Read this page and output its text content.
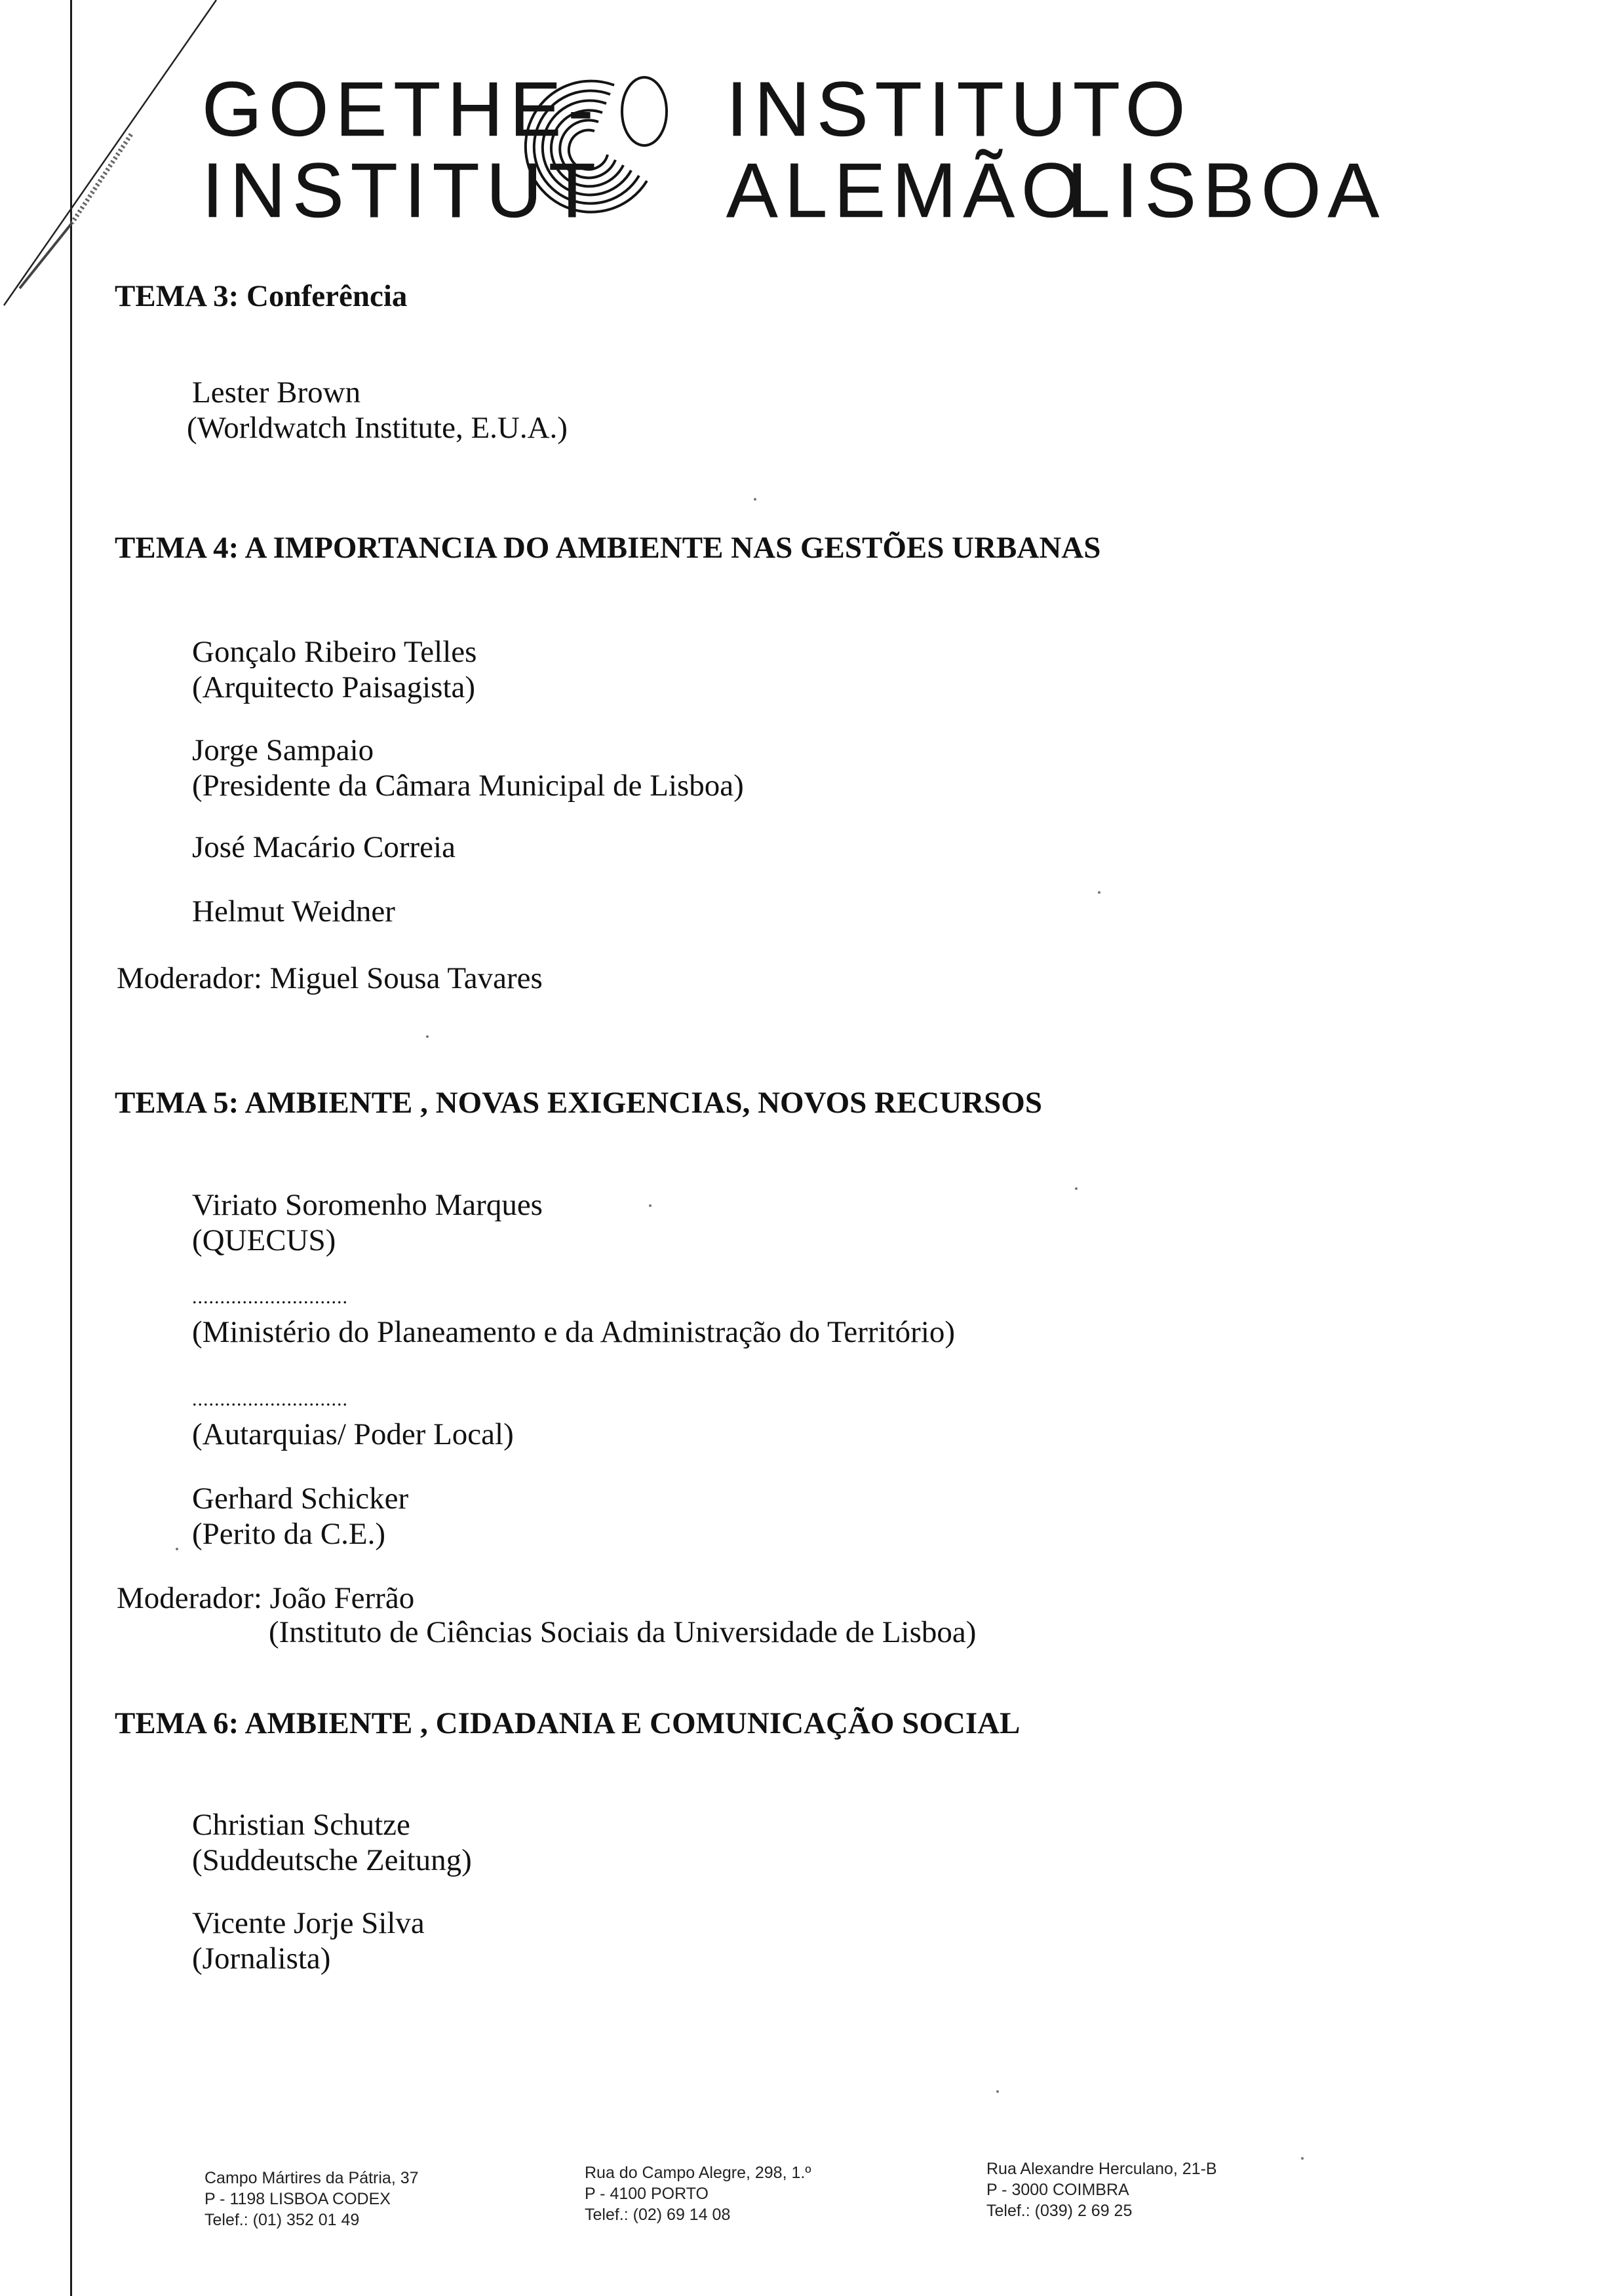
GOETHE-
INSTITUT
INSTITUTO
ALEMÃO
LISBOA
TEMA 3: Conferência
Lester Brown
(Worldwatch Institute, E.U.A.)
TEMA 4: A IMPORTANCIA DO AMBIENTE NAS GESTÕES URBANAS
Gonçalo Ribeiro Telles
(Arquitecto Paisagista)
Jorge Sampaio
(Presidente da Câmara Municipal de Lisboa)
José Macário Correia
Helmut Weidner
Moderador: Miguel Sousa Tavares
TEMA 5: AMBIENTE , NOVAS EXIGENCIAS, NOVOS RECURSOS
Viriato Soromenho Marques
(QUECUS)
............................
(Ministério do Planeamento e da Administração do Território)
............................
(Autarquias/ Poder Local)
Gerhard Schicker
(Perito da C.E.)
Moderador: João Ferrão
(Instituto de Ciências Sociais da Universidade de Lisboa)
TEMA 6: AMBIENTE , CIDADANIA E COMUNICAÇÃO SOCIAL
Christian Schutze
(Suddeutsche Zeitung)
Vicente Jorje Silva
(Jornalista)
Campo Mártires da Pátria, 37
P - 1198 LISBOA CODEX
Telef.: (01) 352 01 49
Rua do Campo Alegre, 298, 1.º
P - 4100 PORTO
Telef.: (02) 69 14 08
Rua Alexandre Herculano, 21-B
P - 3000 COIMBRA
Telef.: (039) 2 69 25
